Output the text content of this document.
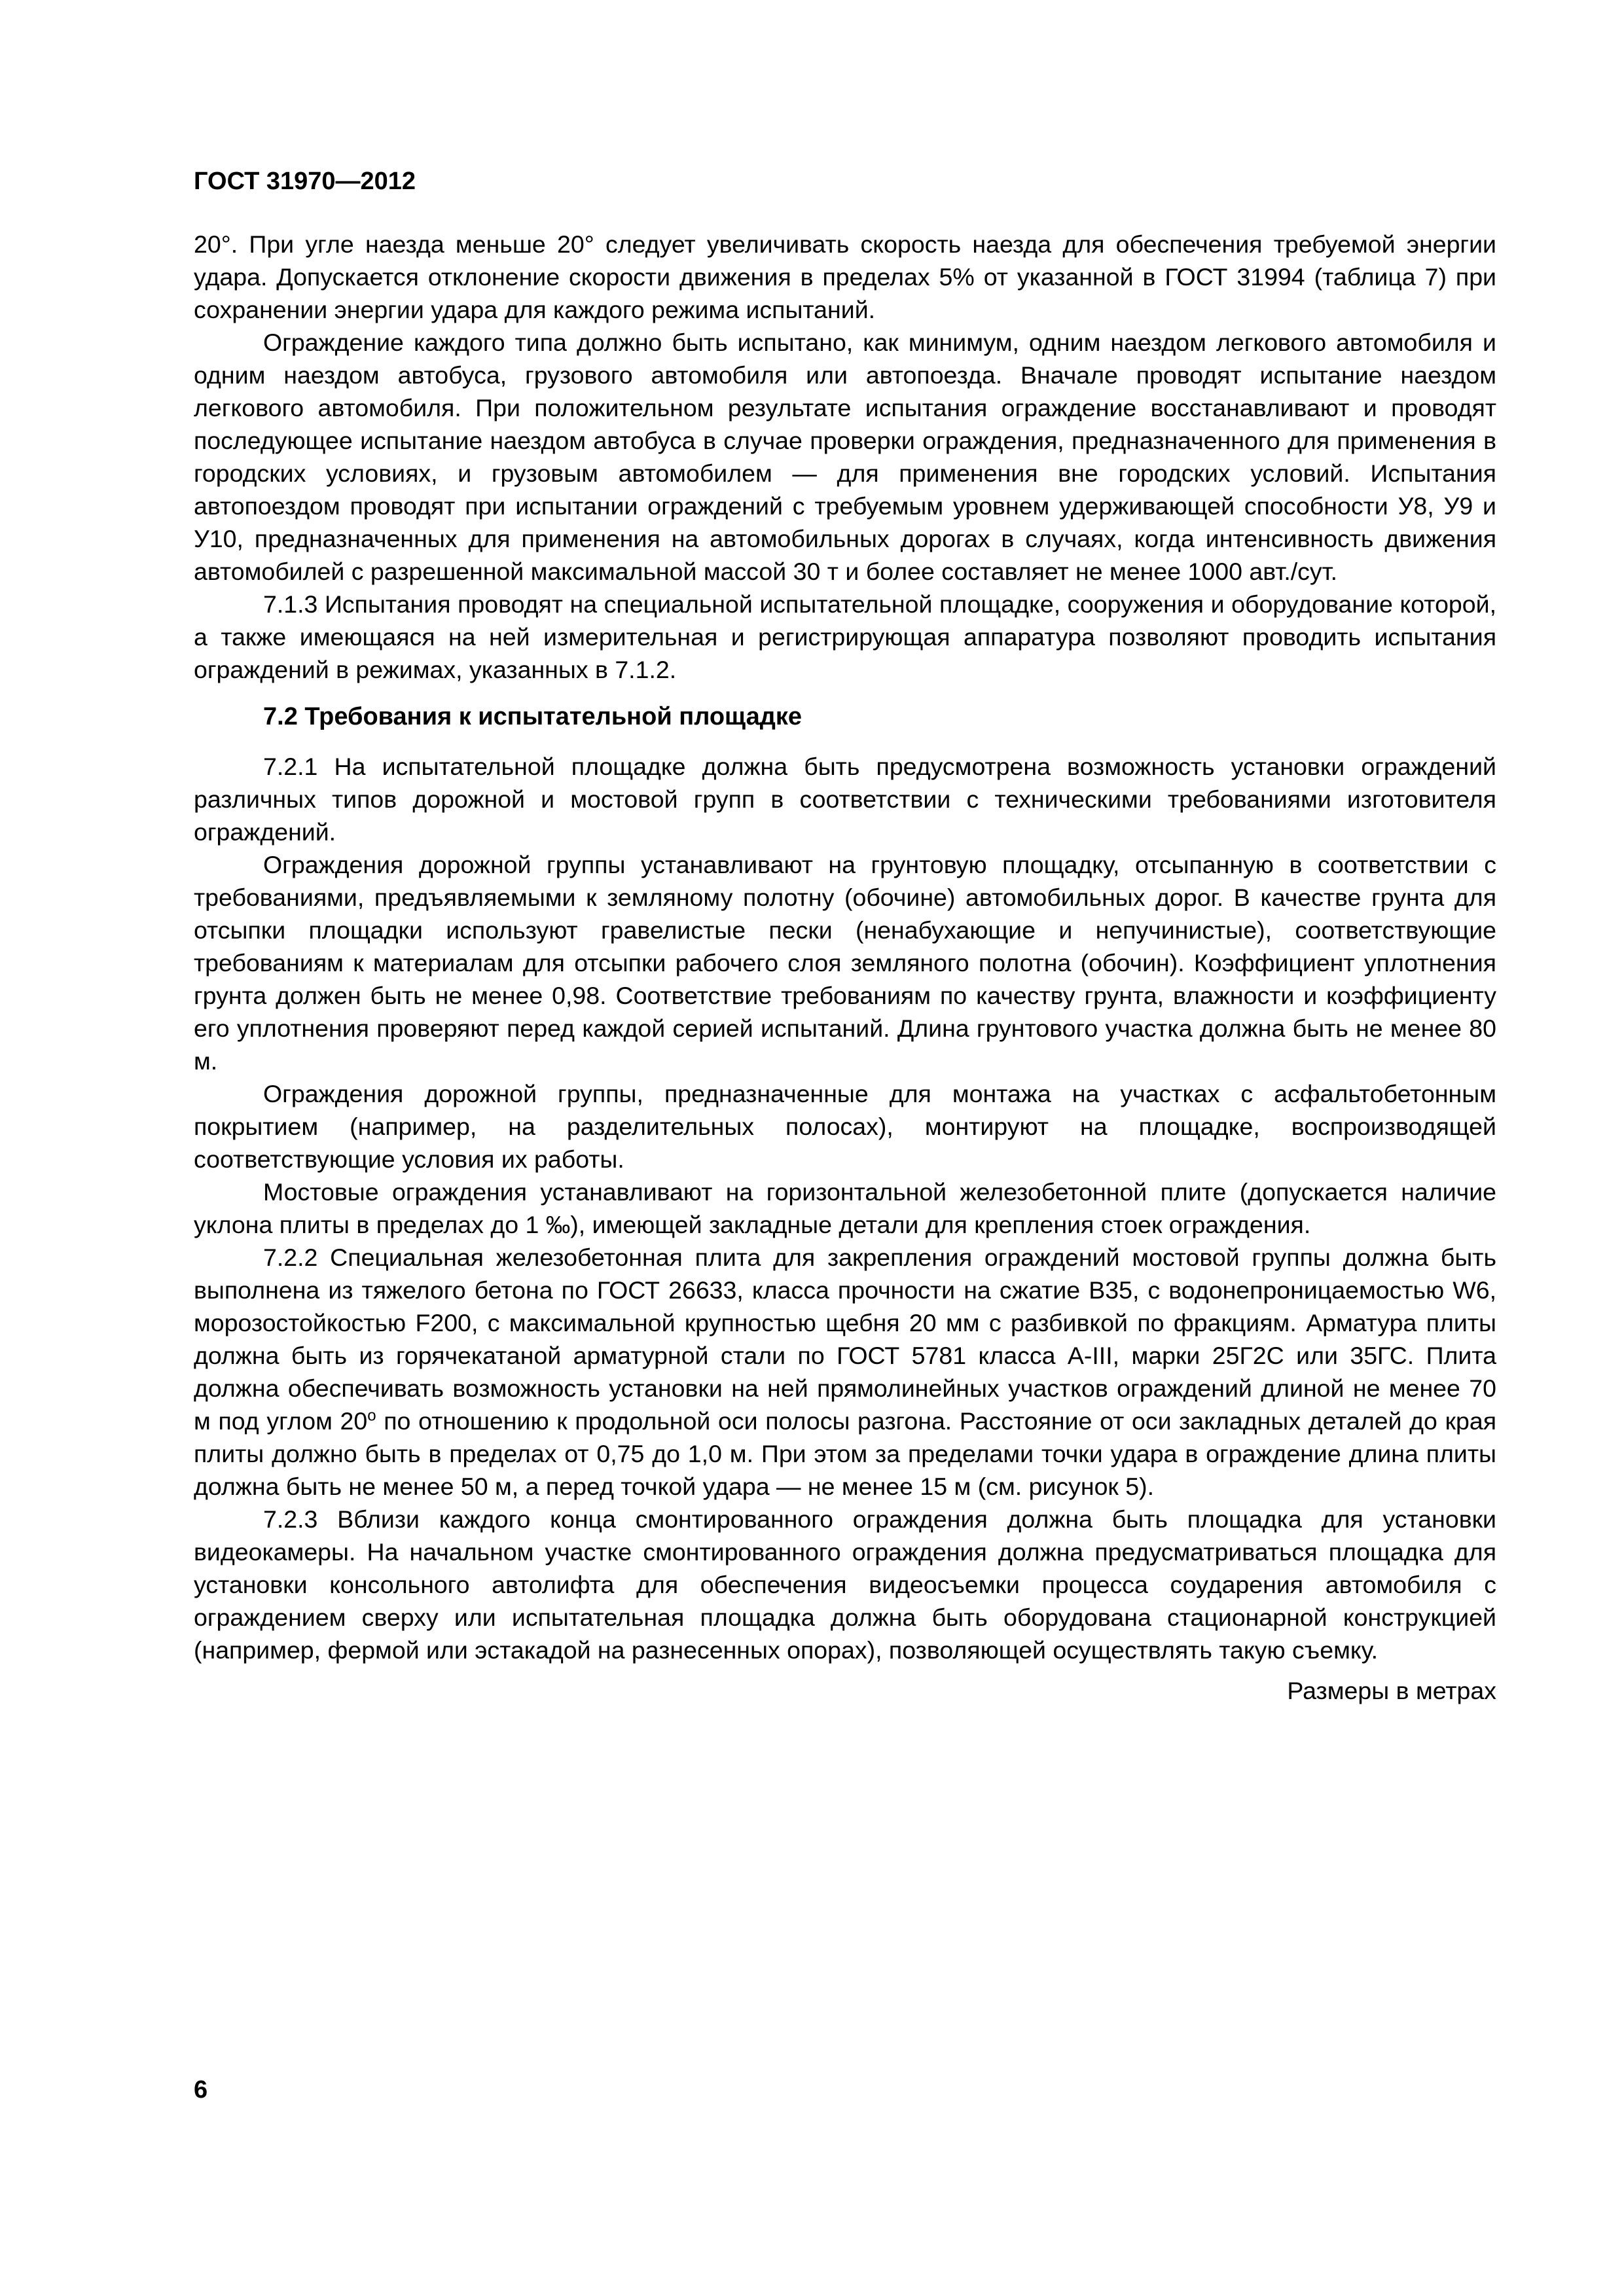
ГОСТ 31970—2012

20°. При угле наезда меньше 20° следует увеличивать скорость наезда для обеспечения требуемой энергии удара. Допускается отклонение скорости движения в пределах 5% от указанной в ГОСТ 31994 (таблица 7) при сохранении энергии удара для каждого режима испытаний.

Ограждение каждого типа должно быть испытано, как минимум, одним наездом легкового автомобиля и одним наездом автобуса, грузового автомобиля или автопоезда. Вначале проводят испытание наездом легкового автомобиля. При положительном результате испытания ограждение восстанавливают и проводят последующее испытание наездом автобуса в случае проверки ограждения, предназначенного для применения в городских условиях, и грузовым автомобилем — для применения вне городских условий. Испытания автопоездом проводят при испытании ограждений с требуемым уровнем удерживающей способности У8, У9 и У10, предназначенных для применения на автомобильных дорогах в случаях, когда интенсивность движения автомобилей с разрешенной максимальной массой 30 т и более составляет не менее 1000 авт./сут.

7.1.3 Испытания проводят на специальной испытательной площадке, сооружения и оборудование которой, а также имеющаяся на ней измерительная и регистрирующая аппаратура позволяют проводить испытания ограждений в режимах, указанных в 7.1.2.

7.2 Требования к испытательной площадке

7.2.1 На испытательной площадке должна быть предусмотрена возможность установки ограждений различных типов дорожной и мостовой групп в соответствии с техническими требованиями изготовителя ограждений.

Ограждения дорожной группы устанавливают на грунтовую площадку, отсыпанную в соответствии с требованиями, предъявляемыми к земляному полотну (обочине) автомобильных дорог. В качестве грунта для отсыпки площадки используют гравелистые пески (ненабухающие и непучинистые), соответствующие требованиям к материалам для отсыпки рабочего слоя земляного полотна (обочин). Коэффициент уплотнения грунта должен быть не менее 0,98. Соответствие требованиям по качеству грунта, влажности и коэффициенту его уплотнения проверяют перед каждой серией испытаний. Длина грунтового участка должна быть не менее 80 м.

Ограждения дорожной группы, предназначенные для монтажа на участках с асфальтобетонным покрытием (например, на разделительных полосах), монтируют на площадке, воспроизводящей соответствующие условия их работы.

Мостовые ограждения устанавливают на горизонтальной железобетонной плите (допускается наличие уклона плиты в пределах до 1 ‰), имеющей закладные детали для крепления стоек ограждения.

7.2.2 Специальная железобетонная плита для закрепления ограждений мостовой группы должна быть выполнена из тяжелого бетона по ГОСТ 26633, класса прочности на сжатие В35, с водонепроницаемостью W6, морозостойкостью F200, с максимальной крупностью щебня 20 мм с разбивкой по фракциям. Арматура плиты должна быть из горячекатаной арматурной стали по ГОСТ 5781 класса А-III, марки 25Г2С или 35ГС. Плита должна обеспечивать возможность установки на ней прямолинейных участков ограждений длиной не менее 70 м под углом 20$^o$ по отношению к продольной оси полосы разгона. Расстояние от оси закладных деталей до края плиты должно быть в пределах от 0,75 до 1,0 м. При этом за пределами точки удара в ограждение длина плиты должна быть не менее 50 м, а перед точкой удара — не менее 15 м (см. рисунок 5).

7.2.3 Вблизи каждого конца смонтированного ограждения должна быть площадка для установки видеокамеры. На начальном участке смонтированного ограждения должна предусматриваться площадка для установки консольного автолифта для обеспечения видеосъемки процесса соударения автомобиля с ограждением сверху или испытательная площадка должна быть оборудована стационарной конструкцией (например, фермой или эстакадой на разнесенных опорах), позволяющей осуществлять такую съемку.

Размеры в метрах
6
